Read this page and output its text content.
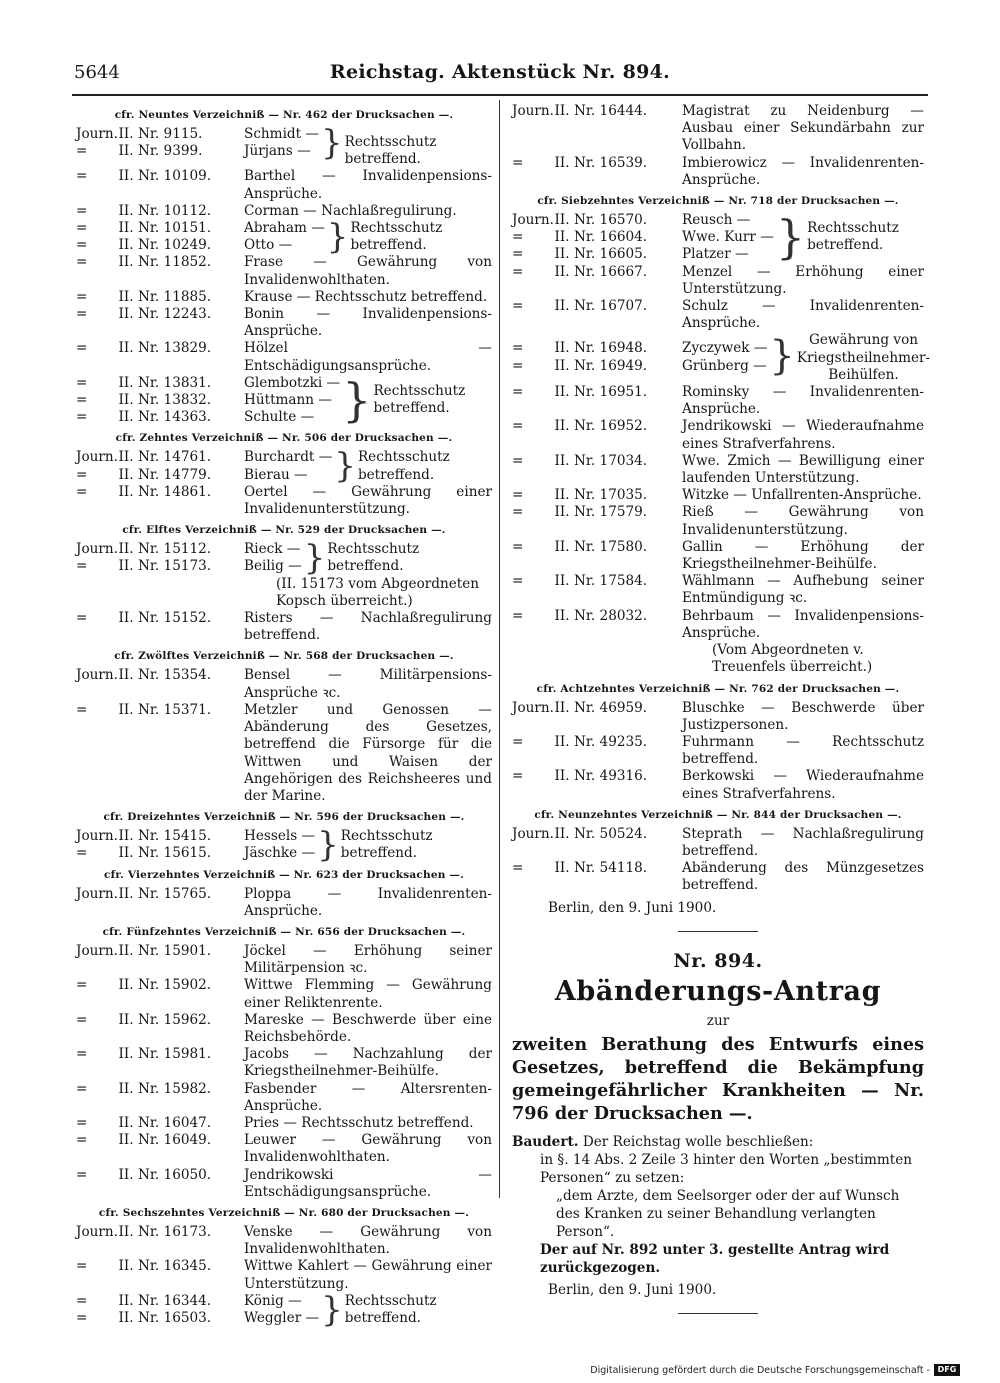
5644	Reichstag. Aktenstück Nr. 894.
cfr. Neuntes Verzeichniß — Nr. 462 der Drucksachen —.
Journ.II. Nr. 9115.	Schmidt —
= II. Nr. 9399.	Jürjans — } Rechtsschutz betreffend.
= II. Nr. 10109.	Barthel — Invalidenpensions-Ansprüche.
= II. Nr. 10112.	Corman — Nachlaßregulirung.
= II. Nr. 10151.	Abraham —
= II. Nr. 10249.	Otto — } Rechtsschutz betreffend.
= II. Nr. 11852.	Frase — Gewährung von Invalidenwohlthaten.
= II. Nr. 11885.	Krause — Rechtsschutz betreffend.
= II. Nr. 12243.	Bonin — Invalidenpensions-Ansprüche.
= II. Nr. 13829.	Hölzel — Entschädigungsansprüche.
= II. Nr. 13831.	Glembotzki —
= II. Nr. 13832.	Hüttmann —
= II. Nr. 14363.	Schulte — } Rechtsschutz betreffend.
cfr. Zehntes Verzeichniß — Nr. 506 der Drucksachen —.
Journ.II. Nr. 14761.	Burchardt —
= II. Nr. 14779.	Bierau — } Rechtsschutz betreffend.
= II. Nr. 14861.	Oertel — Gewährung einer Invalidenunterstützung.
cfr. Elftes Verzeichniß — Nr. 529 der Drucksachen —.
Journ.II. Nr. 15112.	Rieck —
= II. Nr. 15173.	Beilig — } Rechtsschutz betreffend.
(II. 15173 vom Abgeordneten Kopsch überreicht.)
= II. Nr. 15152.	Risters — Nachlaßregulirung betreffend.
cfr. Zwölftes Verzeichniß — Nr. 568 der Drucksachen —.
Journ.II. Nr. 15354.	Bensel — Militärpensions-Ansprüche ꝛc.
= II. Nr. 15371.	Metzler und Genossen — Abänderung des Gesetzes, betreffend die Fürsorge für die Wittwen und Waisen der Angehörigen des Reichsheeres und der Marine.
cfr. Dreizehntes Verzeichniß — Nr. 596 der Drucksachen —.
Journ.II. Nr. 15415.	Hessels —
= II. Nr. 15615.	Jäschke — } Rechtsschutz betreffend.
cfr. Vierzehntes Verzeichniß — Nr. 623 der Drucksachen —.
Journ.II. Nr. 15765.	Ploppa — Invalidenrenten-Ansprüche.
cfr. Fünfzehntes Verzeichniß — Nr. 656 der Drucksachen —.
Journ.II. Nr. 15901.	Jöckel — Erhöhung seiner Militärpension ꝛc.
= II. Nr. 15902.	Wittwe Flemming — Gewährung einer Reliktenrente.
= II. Nr. 15962.	Mareske — Beschwerde über eine Reichsbehörde.
= II. Nr. 15981.	Jacobs — Nachzahlung der Kriegstheilnehmer-Beihülfe.
= II. Nr. 15982.	Fasbender — Altersrenten-Ansprüche.
= II. Nr. 16047.	Pries — Rechtsschutz betreffend.
= II. Nr. 16049.	Leuwer — Gewährung von Invalidenwohlthaten.
= II. Nr. 16050.	Jendrikowski — Entschädigungsansprüche.
cfr. Sechszehntes Verzeichniß — Nr. 680 der Drucksachen —.
Journ.II. Nr. 16173.	Venske — Gewährung von Invalidenwohlthaten.
= II. Nr. 16345.	Wittwe Kahlert — Gewährung einer Unterstützung.
= II. Nr. 16344.	König —
= II. Nr. 16503.	Weggler — } Rechtsschutz betreffend.
Journ.II. Nr. 16444.	Magistrat zu Neidenburg — Ausbau einer Sekundärbahn zur Vollbahn.
= II. Nr. 16539.	Imbierowicz — Invalidenrenten-Ansprüche.
cfr. Siebzehntes Verzeichniß — Nr. 718 der Drucksachen —.
Journ.II. Nr. 16570.	Reusch —
= II. Nr. 16604.	Wwe. Kurr —
= II. Nr. 16605.	Platzer — } Rechtsschutz betreffend.
= II. Nr. 16667.	Menzel — Erhöhung einer Unterstützung.
= II. Nr. 16707.	Schulz — Invalidenrenten-Ansprüche.
= II. Nr. 16948.	Zyczywek —
= II. Nr. 16949.	Grünberg — }	Gewährung von Kriegstheilnehmer-Beihülfen.
= II. Nr. 16951.	Rominsky — Invalidenrenten-Ansprüche.
= II. Nr. 16952.	Jendrikowski — Wiederaufnahme eines Strafverfahrens.
= II. Nr. 17034.	Wwe. Zmich — Bewilligung einer laufenden Unterstützung.
= II. Nr. 17035.	Witzke — Unfallrenten-Ansprüche.
= II. Nr. 17579.	Rieß — Gewährung von Invalidenunterstützung.
= II. Nr. 17580.	Gallin — Erhöhung der Kriegstheilnehmer-Beihülfe.
= II. Nr. 17584.	Wählmann — Aufhebung seiner Entmündigung ꝛc.
= II. Nr. 28032.	Behrbaum — Invalidenpensions-Ansprüche.
(Vom Abgeordneten v. Treuenfels überreicht.)
cfr. Achtzehntes Verzeichniß — Nr. 762 der Drucksachen —.
Journ.II. Nr. 46959.	Bluschke — Beschwerde über Justizpersonen.
= II. Nr. 49235.	Fuhrmann — Rechtsschutz betreffend.
= II. Nr. 49316.	Berkowski — Wiederaufnahme eines Strafverfahrens.
cfr. Neunzehntes Verzeichniß — Nr. 844 der Drucksachen —.
Journ.II. Nr. 50524.	Steprath — Nachlaßregulirung betreffend.
= II. Nr. 54118.	Abänderung des Münzgesetzes betreffend.
Berlin, den 9. Juni 1900.
Nr. 894.
Abänderungs-Antrag
zur
zweiten Berathung des Entwurfs eines Gesetzes, betreffend die Bekämpfung gemeingefährlicher Krankheiten — Nr. 796 der Drucksachen —.
Baudert. Der Reichstag wolle beschließen:
in §. 14 Abs. 2 Zeile 3 hinter den Worten „bestimmten Personen“ zu setzen:
„dem Arzte, dem Seelsorger oder der auf Wunsch des Kranken zu seiner Behandlung verlangten Person“.
Der auf Nr. 892 unter 3. gestellte Antrag wird zurückgezogen.
Berlin, den 9. Juni 1900.
Digitalisierung gefördert durch die Deutsche Forschungsgemeinschaft - DFG
